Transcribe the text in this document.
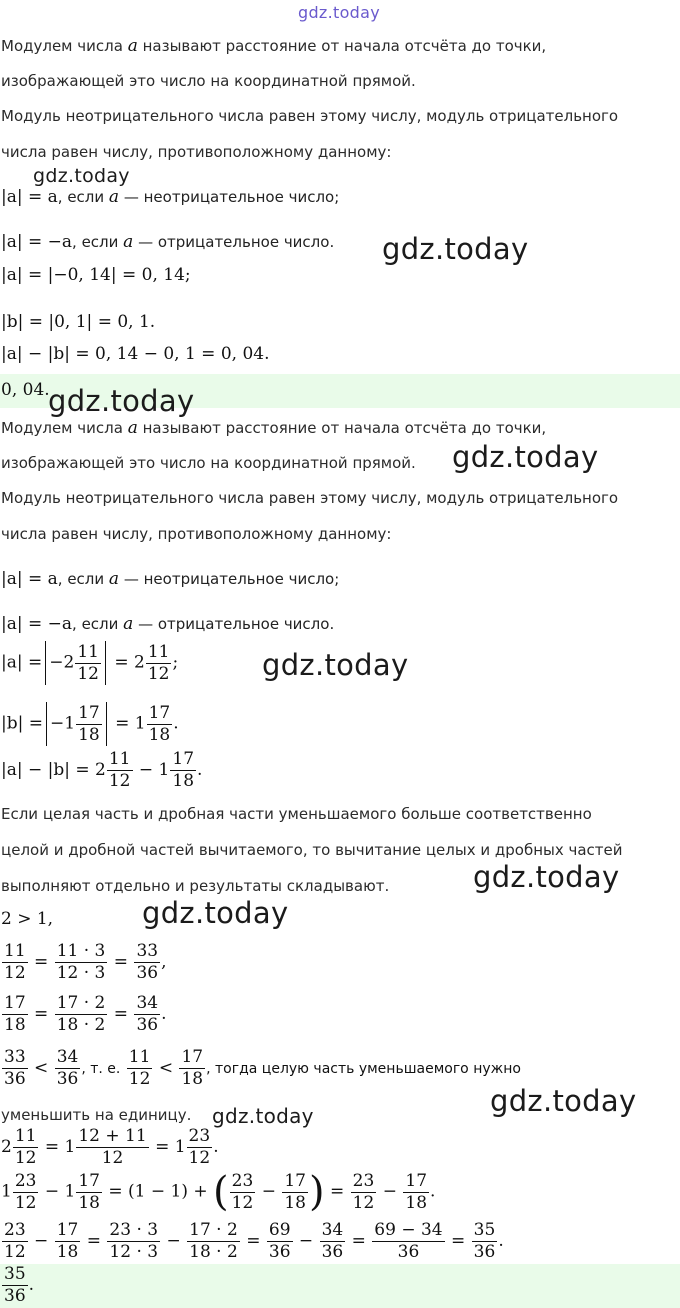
gdz.today
Модулем числа a называют расстояние от начала отсчёта до точки,
изображающей это число на координатной прямой.
Модуль неотрицательного числа равен этому числу, модуль отрицательного
числа равен числу, противоположному данному:
gdz.today
|a| = a, если a — неотрицательное число;
|a| = −a, если a — отрицательное число. gdz.today
|a| = |−0, 14| = 0, 14;
|b| = |0, 1| = 0, 1.
|a| − |b| = 0, 14 − 0, 1 = 0, 04.
0, 04.
gdz.today
Модулем числа a называют расстояние от начала отсчёта до точки,
изображающей это число на координатной прямой. gdz.today
Модуль неотрицательного числа равен этому числу, модуль отрицательного
числа равен числу, противоположному данному:
|a| = a, если a — неотрицательное число;
|a| = −a, если a — отрицательное число.
$|a| = -2 \frac{11}{12} = 2 \frac{11}{12}$ ;	gdz.today
$|b| = -1 \frac{17}{18} = 1 \frac{17}{18}$ .
$|a| - |b| = 2 \frac{11}{12} - 1 \frac{17}{18}$ .
Если целая часть и дробная части уменьшаемого больше соответственно
целой и дробной частей вычитаемого, то вычитание целых и дробных частей
выполняют отдельно и результаты складывают.	gdz.today
2 > 1,	gdz.today
$\frac{11}{12} = \frac{11 \cdot 3}{12 \cdot 3} = \frac{33}{36}$ ,
$\frac{17}{18} = \frac{17 \cdot 2}{18 \cdot 2} = \frac{34}{36}$ .
$\frac{33}{36} < \frac{34}{36}$ , т. е. $\frac{11}{12} < \frac{17}{18}$ , тогда целую часть уменьшаемого нужно
уменьшить на единицу. gdz.today	gdz.today
$2 \frac{11}{12} = 1 \frac{12 + 11}{12} = 1 \frac{23}{12}$ .
$1 \frac{23}{12} - 1 \frac{17}{18} = (1 - 1)$ + ( $\frac{23}{12} - \frac{17}{18}$ ) = $\frac{23}{12} - \frac{17}{18}$ .
$\frac{23}{12} - \frac{17}{18} = \frac{23 \cdot 3}{12 \cdot 3} - \frac{17 \cdot 2}{18 \cdot 2} = \frac{69}{36} - \frac{34}{36} = \frac{69 - 34}{36} = \frac{35}{36}$ .
$\frac{35}{36}$ .
